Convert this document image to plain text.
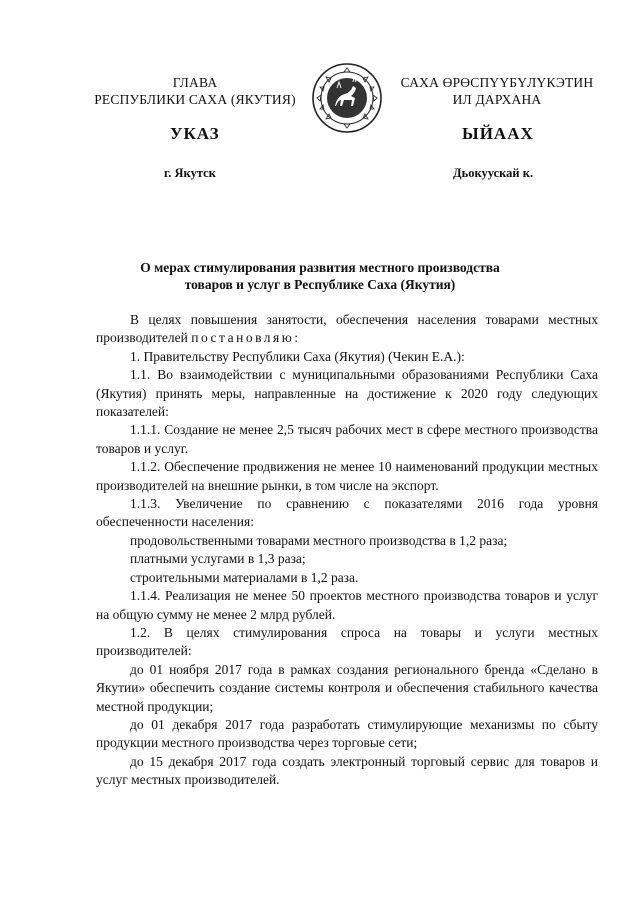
ГЛАВА
РЕСПУБЛИКИ САХА (ЯКУТИЯ)
САХА ӨРӨСПҮҮБҮЛҮКЭТИН
ИЛ ДАРХАНА
УКАЗ	ЫЙААХ
г. Якутск	Дьокуускай к.
О мерах стимулирования развития местного производства
товаров и услуг в Республике Саха (Якутия)

В целях повышения занятости, обеспечения населения товарами местных производителей постановляю:

1. Правительству Республики Саха (Якутия) (Чекин Е.А.):

1.1. Во взаимодействии с муниципальными образованиями Республики Саха (Якутия) принять меры, направленные на достижение к 2020 году следующих показателей:

1.1.1. Создание не менее 2,5 тысяч рабочих мест в сфере местного производства товаров и услуг.

1.1.2. Обеспечение продвижения не менее 10 наименований продукции местных производителей на внешние рынки, в том числе на экспорт.

1.1.3. Увеличение по сравнению с показателями 2016 года уровня обеспеченности населения:

продовольственными товарами местного производства в 1,2 раза;

платными услугами в 1,3 раза;

строительными материалами в 1,2 раза.

1.1.4. Реализация не менее 50 проектов местного производства товаров и услуг на общую сумму не менее 2 млрд рублей.

1.2. В целях стимулирования спроса на товары и услуги местных производителей:

до 01 ноября 2017 года в рамках создания регионального бренда «Сделано в Якутии» обеспечить создание системы контроля и обеспечения стабильного качества местной продукции;

до 01 декабря 2017 года разработать стимулирующие механизмы по сбыту продукции местного производства через торговые сети;

до 15 декабря 2017 года создать электронный торговый сервис для товаров и услуг местных производителей.
